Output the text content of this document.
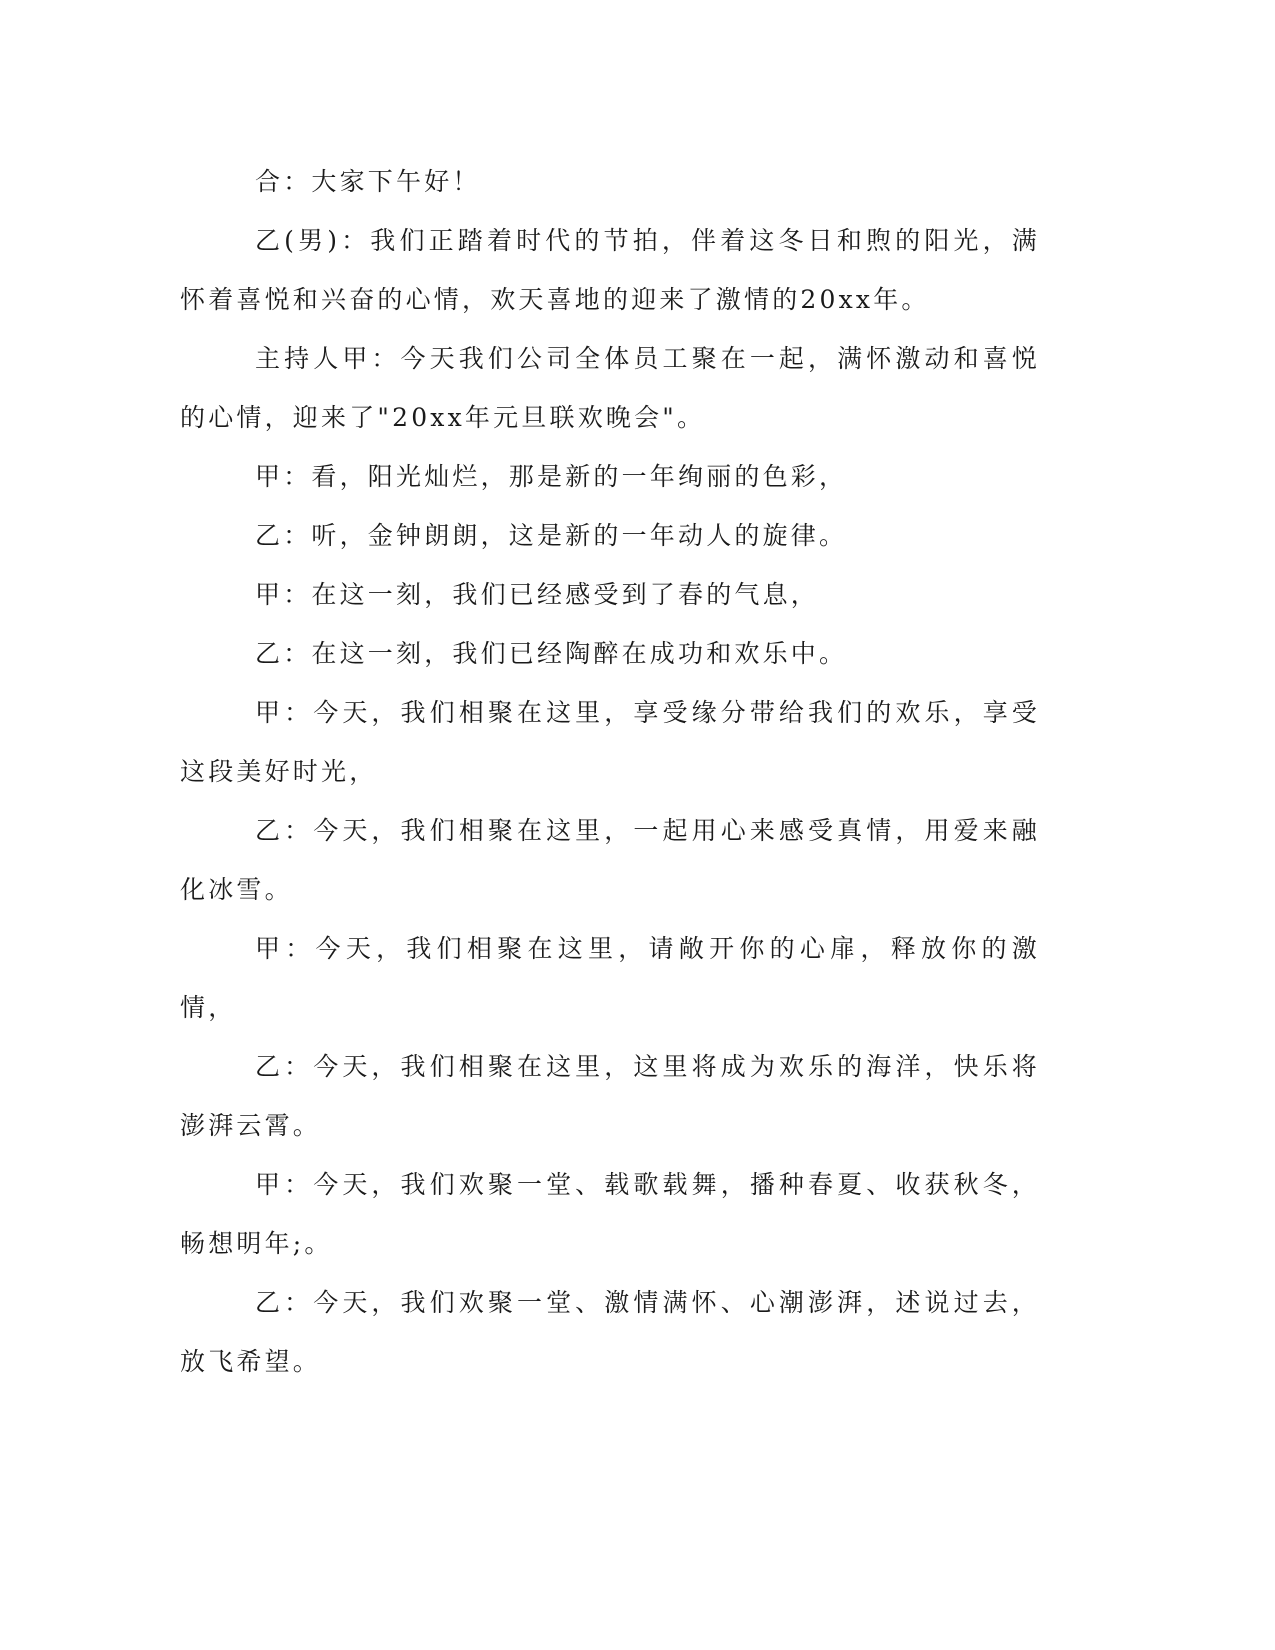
合：大家下午好！

乙(男)：我们正踏着时代的节拍，伴着这冬日和煦的阳光，满怀着喜悦和兴奋的心情，欢天喜地的迎来了激情的20xx年。

主持人甲：今天我们公司全体员工聚在一起，满怀激动和喜悦的心情，迎来了"20xx年元旦联欢晚会"。

甲：看，阳光灿烂，那是新的一年绚丽的色彩，

乙：听，金钟朗朗，这是新的一年动人的旋律。

甲：在这一刻，我们已经感受到了春的气息，

乙：在这一刻，我们已经陶醉在成功和欢乐中。

甲：今天，我们相聚在这里，享受缘分带给我们的欢乐，享受这段美好时光，

乙：今天，我们相聚在这里，一起用心来感受真情，用爱来融化冰雪。

甲：今天，我们相聚在这里，请敞开你的心扉，释放你的激情，

乙：今天，我们相聚在这里，这里将成为欢乐的海洋，快乐将澎湃云霄。

甲：今天，我们欢聚一堂、载歌载舞，播种春夏、收获秋冬，畅想明年;。

乙：今天，我们欢聚一堂、激情满怀、心潮澎湃，述说过去，放飞希望。
